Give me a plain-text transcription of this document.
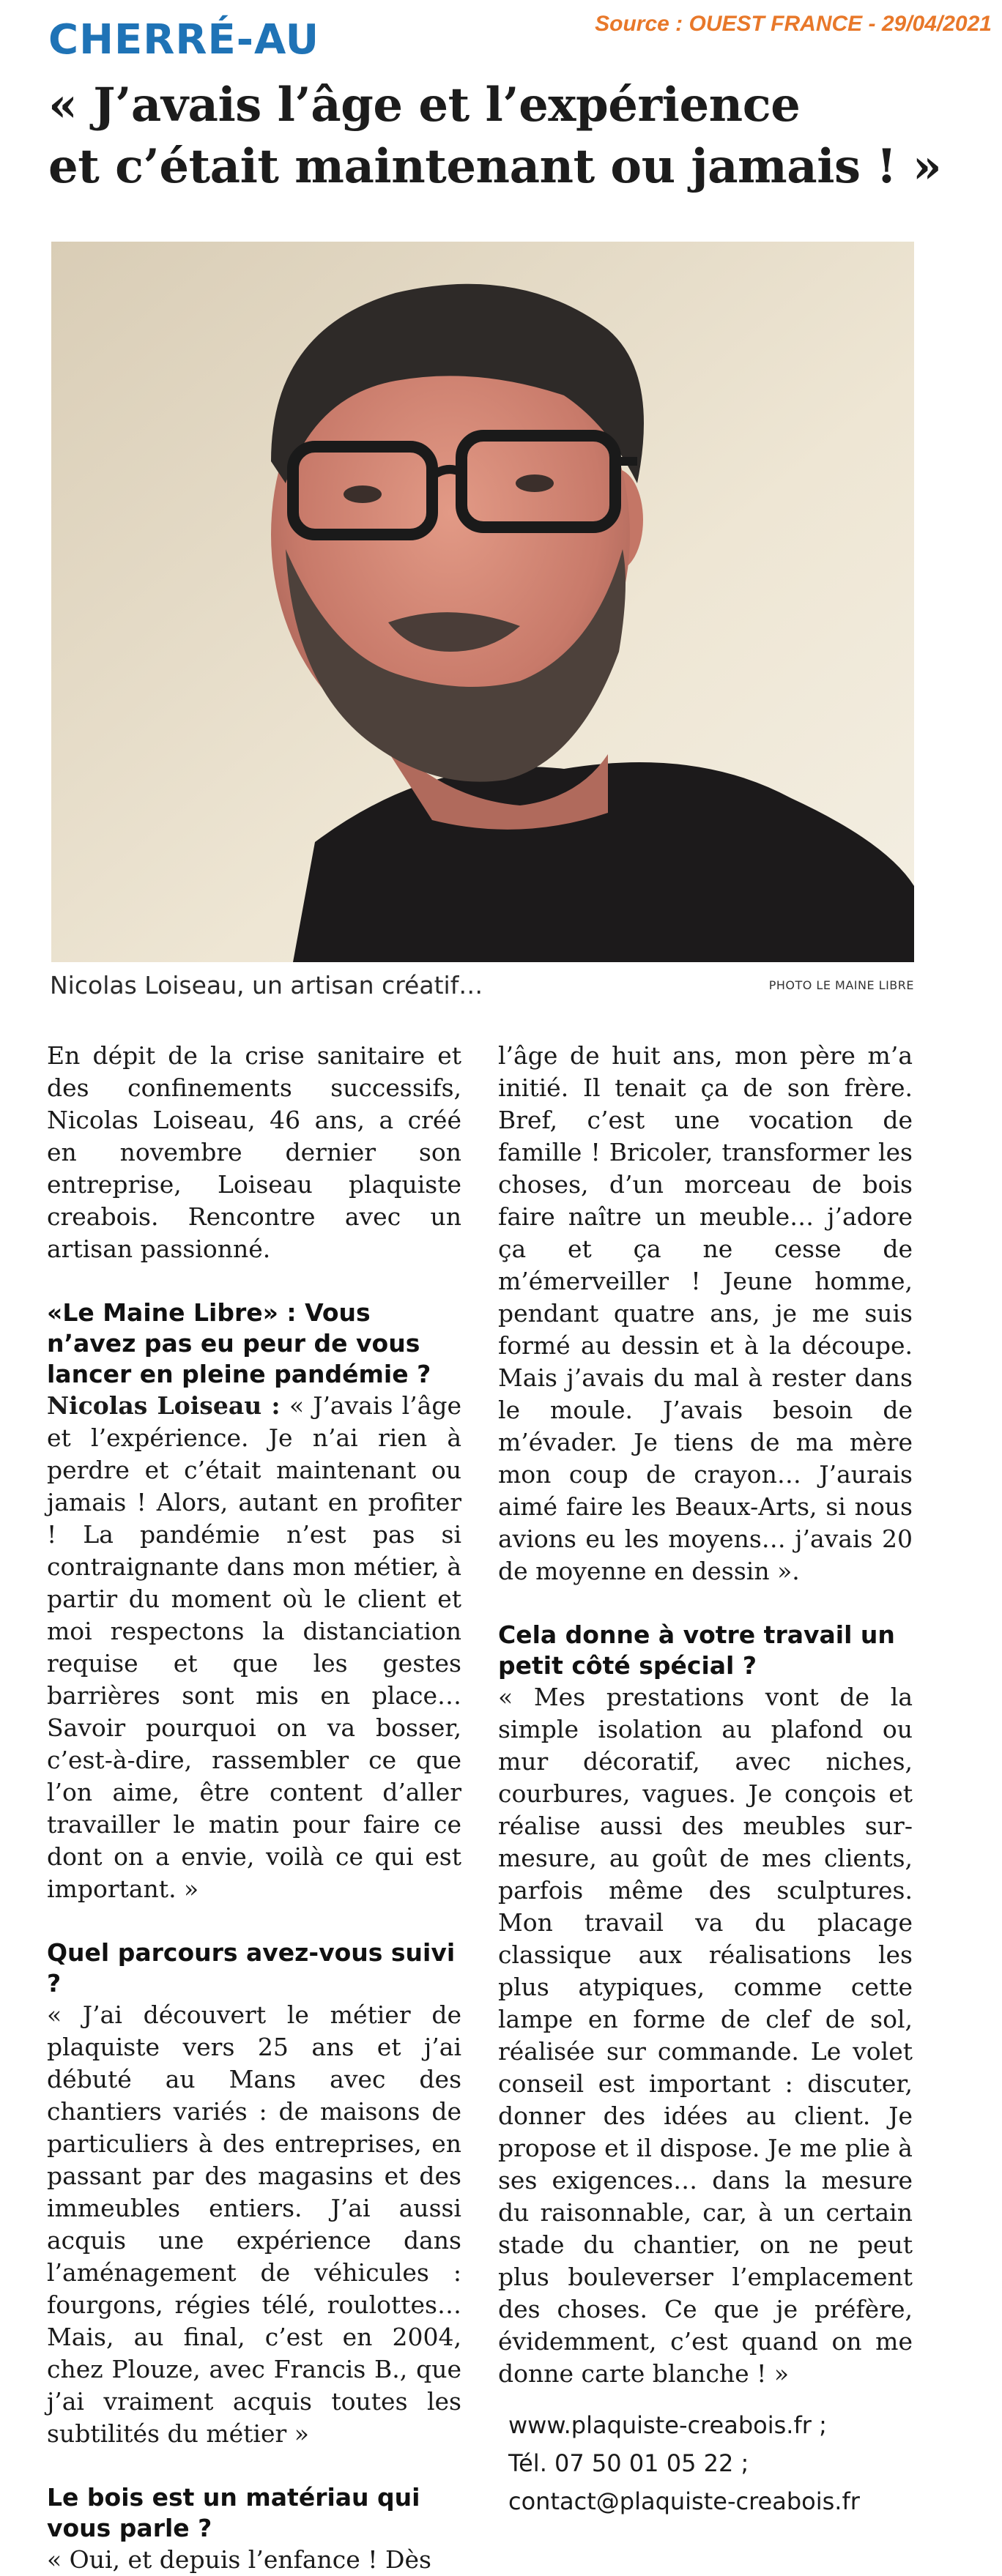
CHERRÉ-AU	Source : OUEST FRANCE - 29/04/2021
« J’avais l’âge et l’expérience
et c’était maintenant ou jamais ! »
Nicolas Loiseau, un artisan créatif…	PHOTO LE MAINE LIBRE

En dépit de la crise sanitaire et des confinements successifs, Nicolas Loiseau, 46 ans, a créé en novembre dernier son entreprise, Loiseau plaquiste creabois. Rencontre avec un artisan passionné.

«Le Maine Libre» : Vous n’avez pas eu peur de vous lancer en pleine pandémie ?

Nicolas Loiseau : « J’avais l’âge et l’expérience. Je n’ai rien à perdre et c’était maintenant ou jamais ! Alors, autant en profiter ! La pandémie n’est pas si contraignante dans mon métier, à partir du moment où le client et moi respectons la distanciation requise et que les gestes barrières sont mis en place… Savoir pourquoi on va bosser, c’est-à-dire, rassembler ce que l’on aime, être content d’aller travailler le matin pour faire ce dont on a envie, voilà ce qui est important. »

Quel parcours avez-vous suivi ?

« J’ai découvert le métier de plaquiste vers 25 ans et j’ai débuté au Mans avec des chantiers variés : de maisons de particuliers à des entreprises, en passant par des magasins et des immeubles entiers. J’ai aussi acquis une expérience dans l’aménagement de véhicules : fourgons, régies télé, roulottes… Mais, au final, c’est en 2004, chez Plouze, avec Francis B., que j’ai vraiment acquis toutes les subtilités du métier »

Le bois est un matériau qui vous parle ?

« Oui, et depuis l’enfance ! Dès

l’âge de huit ans, mon père m’a initié. Il tenait ça de son frère. Bref, c’est une vocation de famille ! Bricoler, transformer les choses, d’un morceau de bois faire naître un meuble… j’adore ça et ça ne cesse de m’émerveiller ! Jeune homme, pendant quatre ans, je me suis formé au dessin et à la découpe. Mais j’avais du mal à rester dans le moule. J’avais besoin de m’évader. Je tiens de ma mère mon coup de crayon… J’aurais aimé faire les Beaux-Arts, si nous avions eu les moyens… j’avais 20 de moyenne en dessin ».

Cela donne à votre travail un petit côté spécial ?

« Mes prestations vont de la simple isolation au plafond ou mur décoratif, avec niches, courbures, vagues. Je conçois et réalise aussi des meubles sur-mesure, au goût de mes clients, parfois même des sculptures. Mon travail va du placage classique aux réalisations les plus atypiques, comme cette lampe en forme de clef de sol, réalisée sur commande. Le volet conseil est important : discuter, donner des idées au client. Je propose et il dispose. Je me plie à ses exigences… dans la mesure du raisonnable, car, à un certain stade du chantier, on ne peut plus bouleverser l’emplacement des choses. Ce que je préfère, évidemment, c’est quand on me donne carte blanche ! »

www.plaquiste-creabois.fr ;
Tél. 07 50 01 05 22 ;
contact@plaquiste-creabois.fr
